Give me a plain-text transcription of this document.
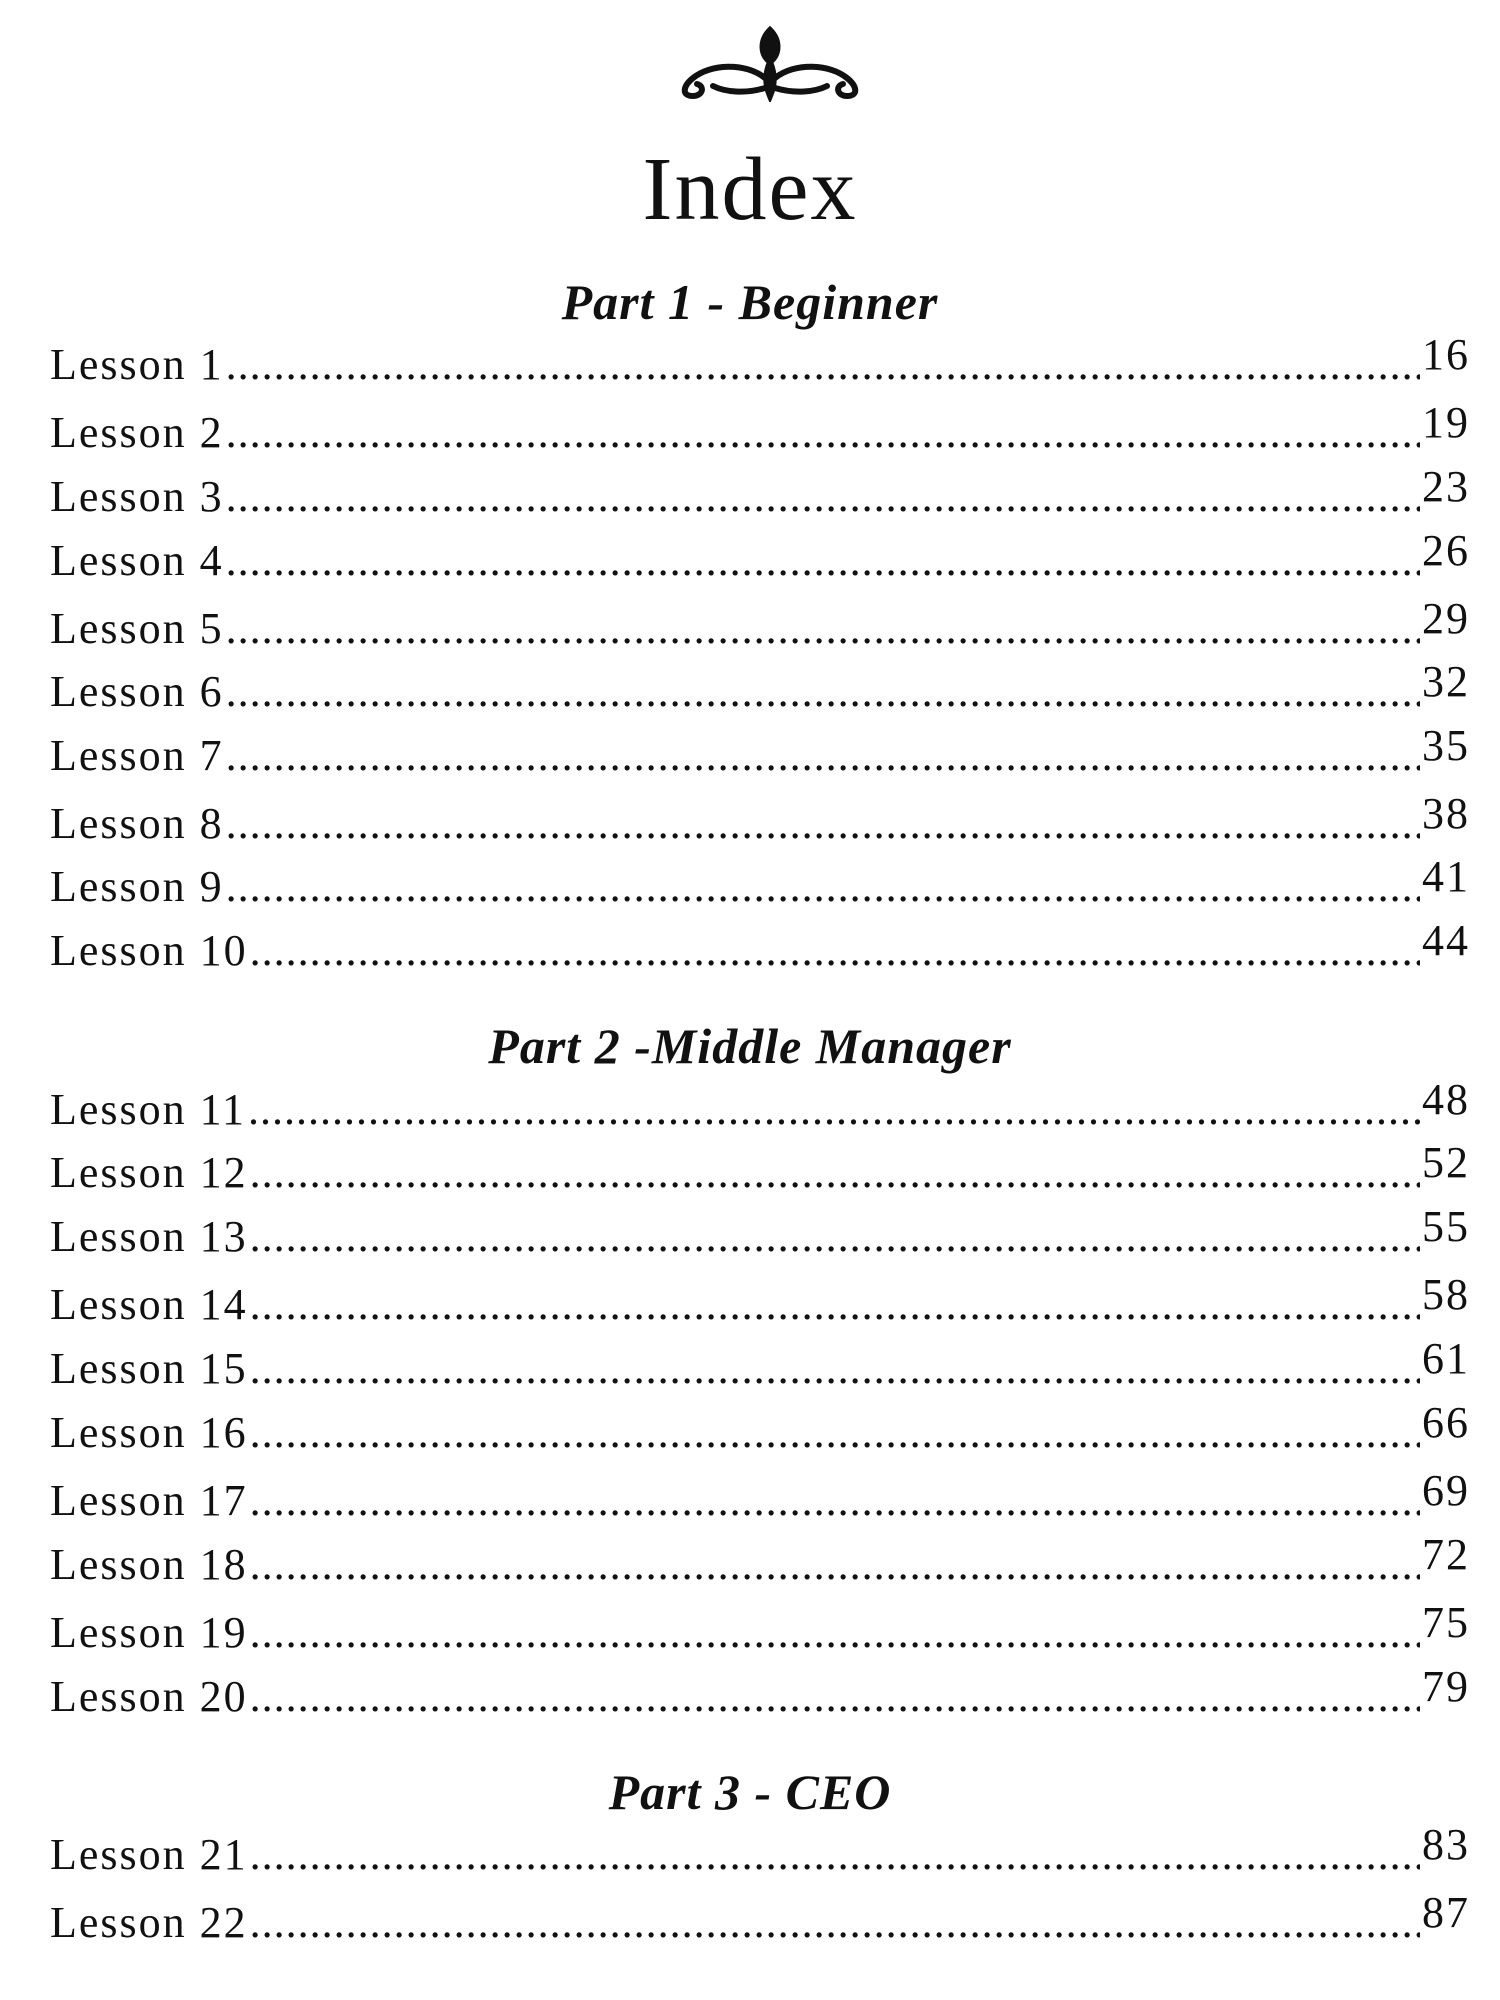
Index
Part 1 - Beginner
Lesson 1 .....	16
Lesson 2 .....	19
Lesson 3 .....	23
Lesson 4 .....	26
Lesson 5 .....	29
Lesson 6 .....	32
Lesson 7 .....	35
Lesson 8 .....	38
Lesson 9 .....	41
Lesson 10 .....	44
Part 2 -Middle Manager
Lesson 11 .....	48
Lesson 12 .....	52
Lesson 13 .....	55
Lesson 14 .....	58
Lesson 15 .....	61
Lesson 16 .....	66
Lesson 17 .....	69
Lesson 18 .....	72
Lesson 19 .....	75
Lesson 20 .....	79
Part 3 - CEO
Lesson 21 .....	83
Lesson 22 .....	87
